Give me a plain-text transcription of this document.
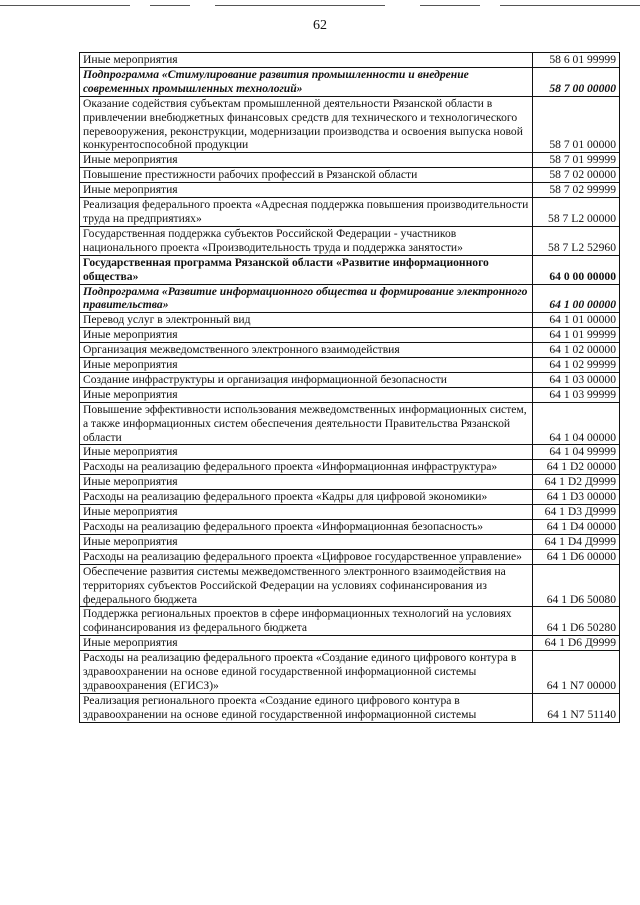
62
Иные мероприятия	58 6 01 99999
Подпрограмма «Стимулирование развития промышленности и внедрение современных промышленных технологий»	58 7 00 00000
Оказание содействия субъектам промышленной деятельности Рязанской области в привлечении внебюджетных финансовых средств для технического и технологического перевооружения, реконструкции, модернизации производства и освоения выпуска новой конкурентоспособной продукции	58 7 01 00000
Иные мероприятия	58 7 01 99999
Повышение престижности рабочих профессий в Рязанской области	58 7 02 00000
Иные мероприятия	58 7 02 99999
Реализация федерального проекта «Адресная поддержка повышения производительности труда на предприятиях»	58 7 L2 00000
Государственная поддержка субъектов Российской Федерации - участников национального проекта «Производительность труда и поддержка занятости»	58 7 L2 52960
Государственная программа Рязанской области «Развитие информационного общества»	64 0 00 00000
Подпрограмма «Развитие информационного общества и формирование электронного правительства»	64 1 00 00000
Перевод услуг в электронный вид	64 1 01 00000
Иные мероприятия	64 1 01 99999
Организация межведомственного электронного взаимодействия	64 1 02 00000
Иные мероприятия	64 1 02 99999
Создание инфраструктуры и организация информационной безопасности	64 1 03 00000
Иные мероприятия	64 1 03 99999
Повышение эффективности использования межведомственных информационных систем, а также информационных систем обеспечения деятельности Правительства Рязанской области	64 1 04 00000
Иные мероприятия	64 1 04 99999
Расходы на реализацию федерального проекта «Информационная инфраструктура»	64 1 D2 00000
Иные мероприятия	64 1 D2 Д9999
Расходы на реализацию федерального проекта «Кадры для цифровой экономики»	64 1 D3 00000
Иные мероприятия	64 1 D3 Д9999
Расходы на реализацию федерального проекта «Информационная безопасность»	64 1 D4 00000
Иные мероприятия	64 1 D4 Д9999
Расходы на реализацию федерального проекта «Цифровое государственное управление»	64 1 D6 00000
Обеспечение развития системы межведомственного электронного взаимодействия на территориях субъектов Российской Федерации на условиях софинансирования из федерального бюджета	64 1 D6 50080
Поддержка региональных проектов в сфере информационных технологий на условиях софинансирования из федерального бюджета	64 1 D6 50280
Иные мероприятия	64 1 D6 Д9999
Расходы на реализацию федерального проекта «Создание единого цифрового контура в здравоохранении на основе единой государственной информационной системы здравоохранения (ЕГИСЗ)»	64 1 N7 00000
Реализация регионального проекта «Создание единого цифрового контура в здравоохранении на основе единой государственной информационной системы	64 1 N7 51140
